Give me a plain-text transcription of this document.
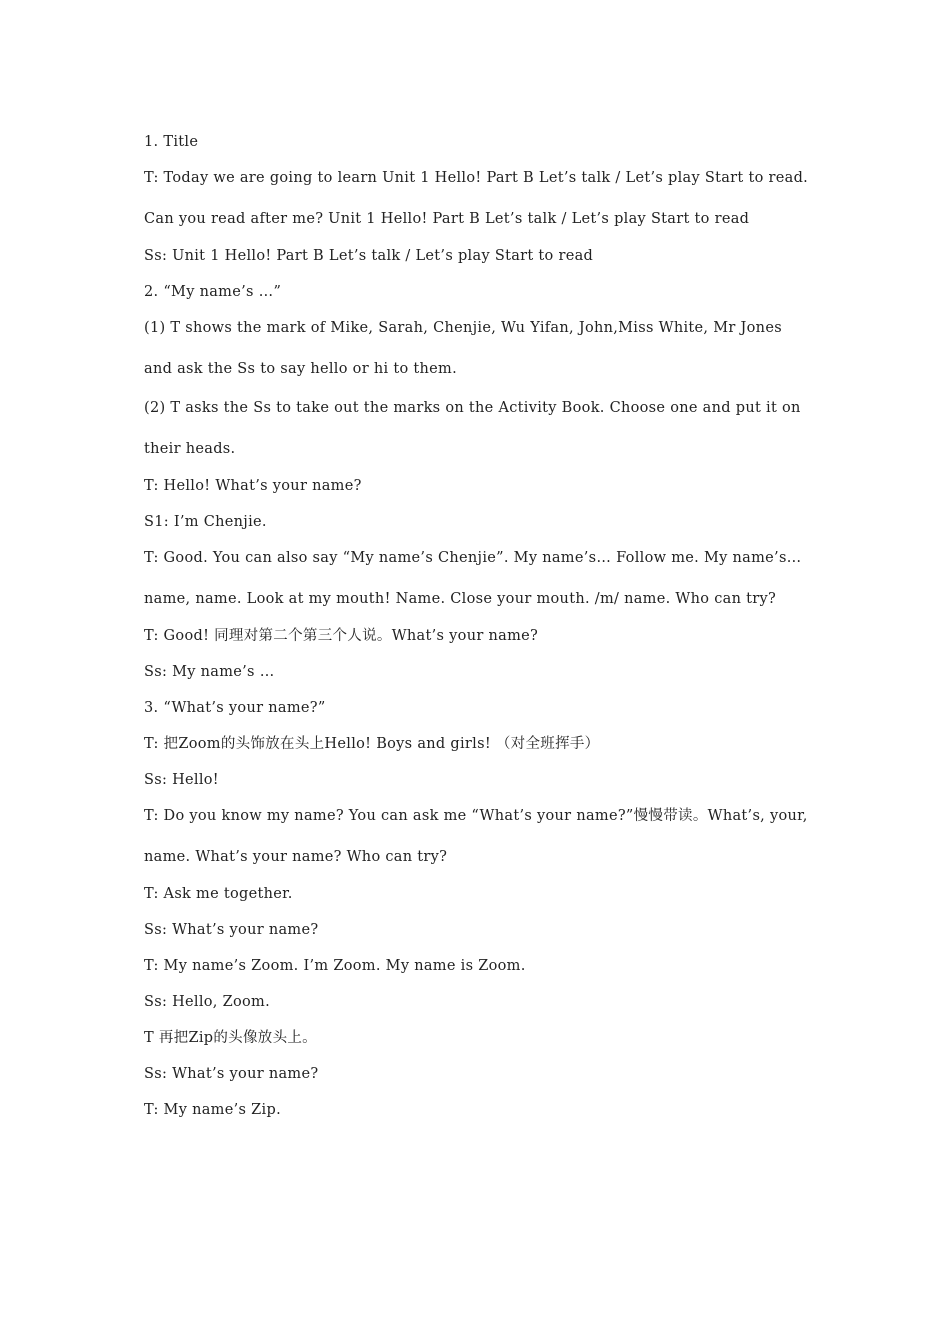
1. Title

T: Today we are going to learn Unit 1 Hello! Part B Let’s talk / Let’s play Start to read. Can you read after me? Unit 1 Hello! Part B Let’s talk / Let’s play Start to read

Ss: Unit 1 Hello! Part B Let’s talk / Let’s play Start to read

2. “My name’s …”

(1) T shows the mark of Mike, Sarah, Chenjie, Wu Yifan, John,Miss White, Mr Jones and ask the Ss to say hello or hi to them.

(2) T asks the Ss to take out the marks on the Activity Book. Choose one and put it on their heads.

T: Hello! What’s your name?

S1: I’m Chenjie.

T: Good. You can also say “My name’s Chenjie”. My name’s… Follow me. My name’s… name, name. Look at my mouth! Name. Close your mouth. /m/ name. Who can try?

T: Good! 同理对第二个第三个人说。What’s your name?

Ss: My name’s …

3. “What’s your name?”

T: 把Zoom的头饰放在头上Hello! Boys and girls! （对全班挥手）

Ss: Hello!

T: Do you know my name? You can ask me “What’s your name?”慢慢带读。What’s, your, name. What’s your name? Who can try?

T: Ask me together.

Ss: What’s your name?

T: My name’s Zoom. I’m Zoom. My name is Zoom.

Ss: Hello, Zoom.

T 再把Zip的头像放头上。

Ss: What’s your name?

T: My name’s Zip.
